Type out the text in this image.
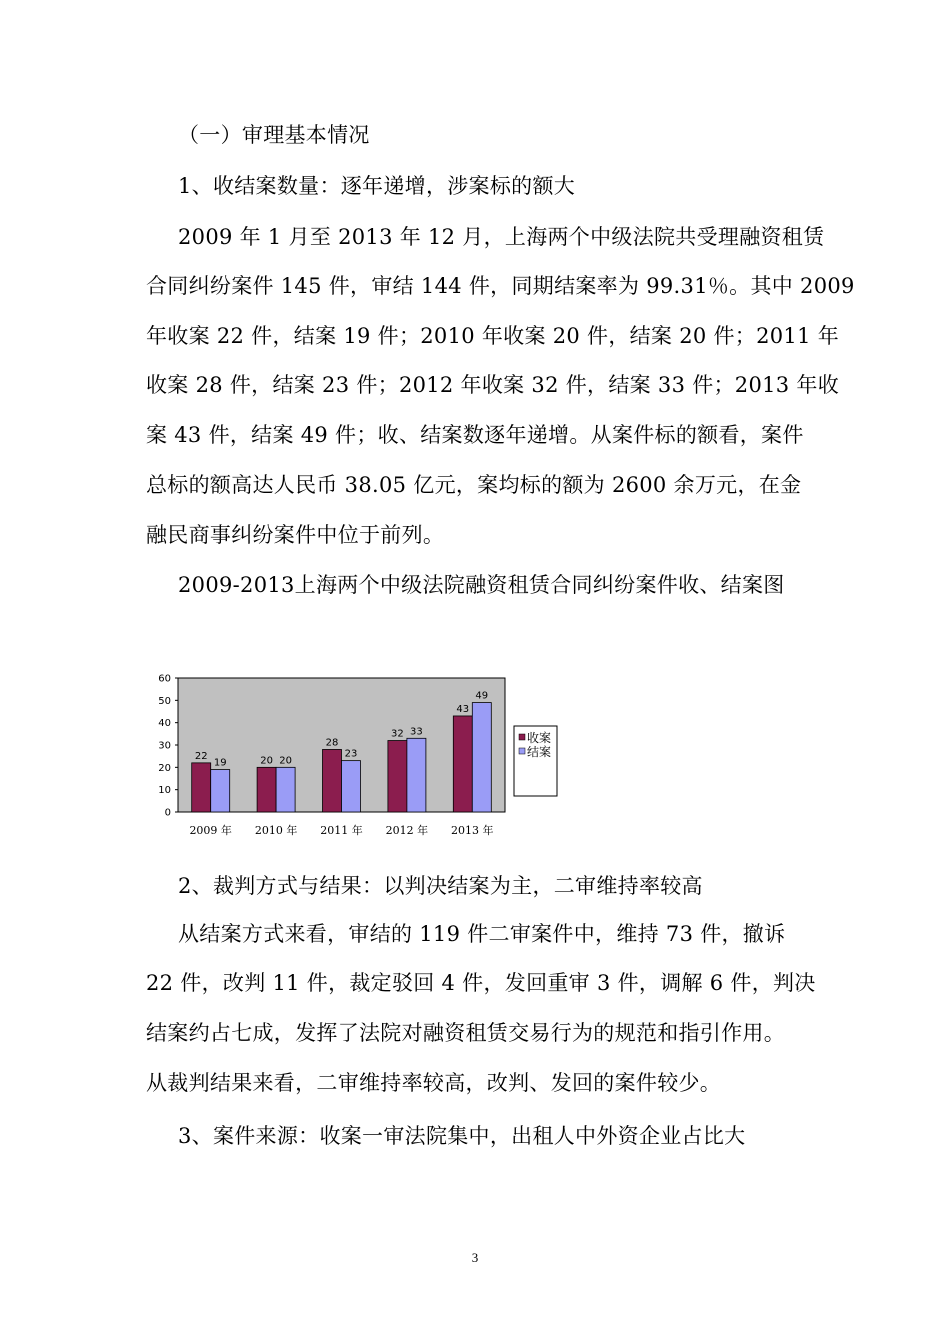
（一）审理基本情况
1、收结案数量：逐年递增，涉案标的额大
2009 年 1 月至 2013 年 12 月，上海两个中级法院共受理融资租赁
合同纠纷案件 145 件，审结 144 件，同期结案率为 99.31％。其中 2009
年收案 22 件，结案 19 件；2010 年收案 20 件，结案 20 件；2011 年
收案 28 件，结案 23 件；2012 年收案 32 件，结案 33 件；2013 年收
案 43 件，结案 49 件；收、结案数逐年递增。从案件标的额看，案件
总标的额高达人民币 38.05 亿元，案均标的额为 2600 余万元，在金
融民商事纠纷案件中位于前列。
2009-2013上海两个中级法院融资租赁合同纠纷案件收、结案图
0
10
20
30
40
50
60
22
19
2009 年
20 20
2010 年
28
23
2011 年
32 33
2012 年
43
49
2013 年
收案
结案
2、裁判方式与结果：以判决结案为主，二审维持率较高
从结案方式来看，审结的 119 件二审案件中，维持 73 件，撤诉
22 件，改判 11 件，裁定驳回 4 件，发回重审 3 件，调解 6 件，判决
结案约占七成，发挥了法院对融资租赁交易行为的规范和指引作用。
从裁判结果来看，二审维持率较高，改判、发回的案件较少。
3、案件来源：收案一审法院集中，出租人中外资企业占比大
3
